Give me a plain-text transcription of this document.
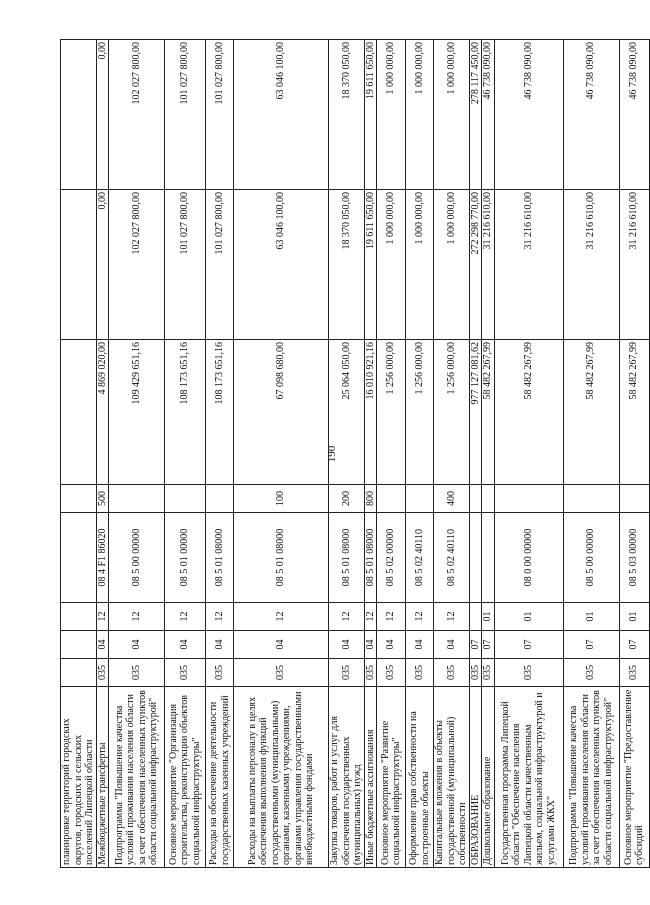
190
планировке территорий городских округов, городских и сельских поселений Липецкой области								
Межбюджетные трансферты	035	04	12	08 4 F1 86020	500	4 869 020,00	0,00	0,00
Подпрограмма "Повышение качества условий проживания населения области за счет обеспечения населенных пунктов области социальной инфраструктурой"	035	04	12	08 5 00 00000		109 429 651,16	102 027 800,00	102 027 800,00
Основное мероприятие "Организация строительства, реконструкции объектов социальной инфраструктуры"	035	04	12	08 5 01 00000		108 173 651,16	101 027 800,00	101 027 800,00
Расходы на обеспечение деятельности государственных казенных учреждений	035	04	12	08 5 01 08000		108 173 651,16	101 027 800,00	101 027 800,00
Расходы на выплаты персоналу в целях обеспечения выполнения функций государственными (муниципальными) органами, казенными учреждениями, органами управления государственными внебюджетными фондами	035	04	12	08 5 01 08000	100	67 098 680,00	63 046 100,00	63 046 100,00
Закупка товаров, работ и услуг для обеспечения государственных (муниципальных) нужд	035	04	12	08 5 01 08000	200	25 064 050,00	18 370 050,00	18 370 050,00
Иные бюджетные ассигнования	035	04	12	08 5 01 08000	800	16 010 921,16	19 611 650,00	19 611 650,00
Основное мероприятие "Развитие социальной инфраструктуры"	035	04	12	08 5 02 00000		1 256 000,00	1 000 000,00	1 000 000,00
Оформление прав собственности на построенные объекты	035	04	12	08 5 02 40110		1 256 000,00	1 000 000,00	1 000 000,00
Капитальные вложения в объекты государственной (муниципальной) собственности	035	04	12	08 5 02 40110	400	1 256 000,00	1 000 000,00	1 000 000,00
ОБРАЗОВАНИЕ	035	07				977 127 081,62	272 298 770,00	278 117 450,00
Дошкольное образование	035	07	01			58 482 267,99	31 216 610,00	46 738 090,00
Государственная программа Липецкой области "Обеспечение населения Липецкой области качественным жильем, социальной инфраструктурой и услугами ЖКХ"	035	07	01	08 0 00 00000		58 482 267,99	31 216 610,00	46 738 090,00
Подпрограмма "Повышение качества условий проживания населения области за счет обеспечения населенных пунктов области социальной инфраструктурой"	035	07	01	08 5 00 00000		58 482 267,99	31 216 610,00	46 738 090,00
Основное мероприятие "Предоставление субсидий	035	07	01	08 5 03 00000		58 482 267,99	31 216 610,00	46 738 090,00
